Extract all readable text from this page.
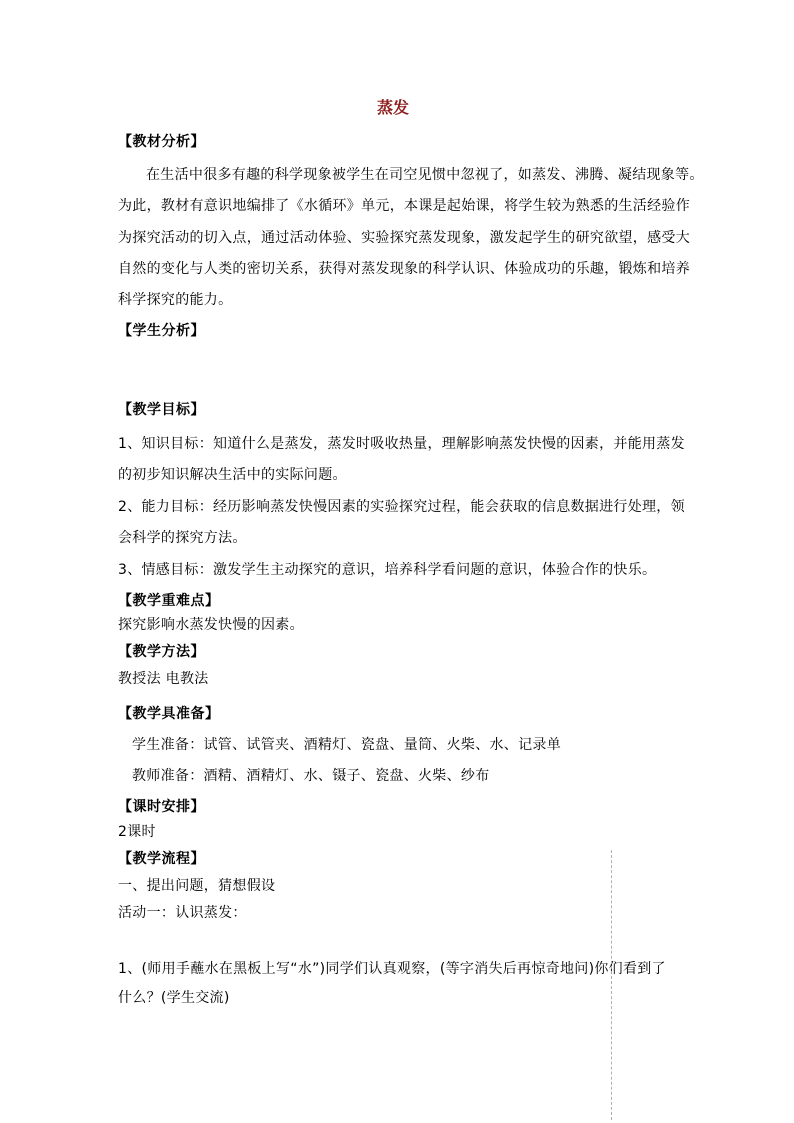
蒸发
【教材分析】
在生活中很多有趣的科学现象被学生在司空见惯中忽视了，如蒸发、沸腾、凝结现象等。
为此，教材有意识地编排了《水循环》单元，本课是起始课，将学生较为熟悉的生活经验作
为探究活动的切入点，通过活动体验、实验探究蒸发现象，激发起学生的研究欲望，感受大
自然的变化与人类的密切关系，获得对蒸发现象的科学认识、体验成功的乐趣，锻炼和培养
科学探究的能力。
【学生分析】
【教学目标】
1、知识目标：知道什么是蒸发，蒸发时吸收热量，理解影响蒸发快慢的因素，并能用蒸发
的初步知识解决生活中的实际问题。
2、能力目标：经历影响蒸发快慢因素的实验探究过程，能会获取的信息数据进行处理，领
会科学的探究方法。
3、情感目标：激发学生主动探究的意识，培养科学看问题的意识，体验合作的快乐。
【教学重难点】
探究影响水蒸发快慢的因素。
【教学方法】
教授法 电教法
【教学具准备】
学生准备：试管、试管夹、酒精灯、瓷盘、量筒、火柴、水、记录单
教师准备：酒精、酒精灯、水、镊子、瓷盘、火柴、纱布
【课时安排】
2课时
【教学流程】
一、提出问题，猜想假设
活动一：认识蒸发：
1、(师用手蘸水在黑板上写“水”)同学们认真观察，(等字消失后再惊奇地问)你们看到了
什么？(学生交流)
